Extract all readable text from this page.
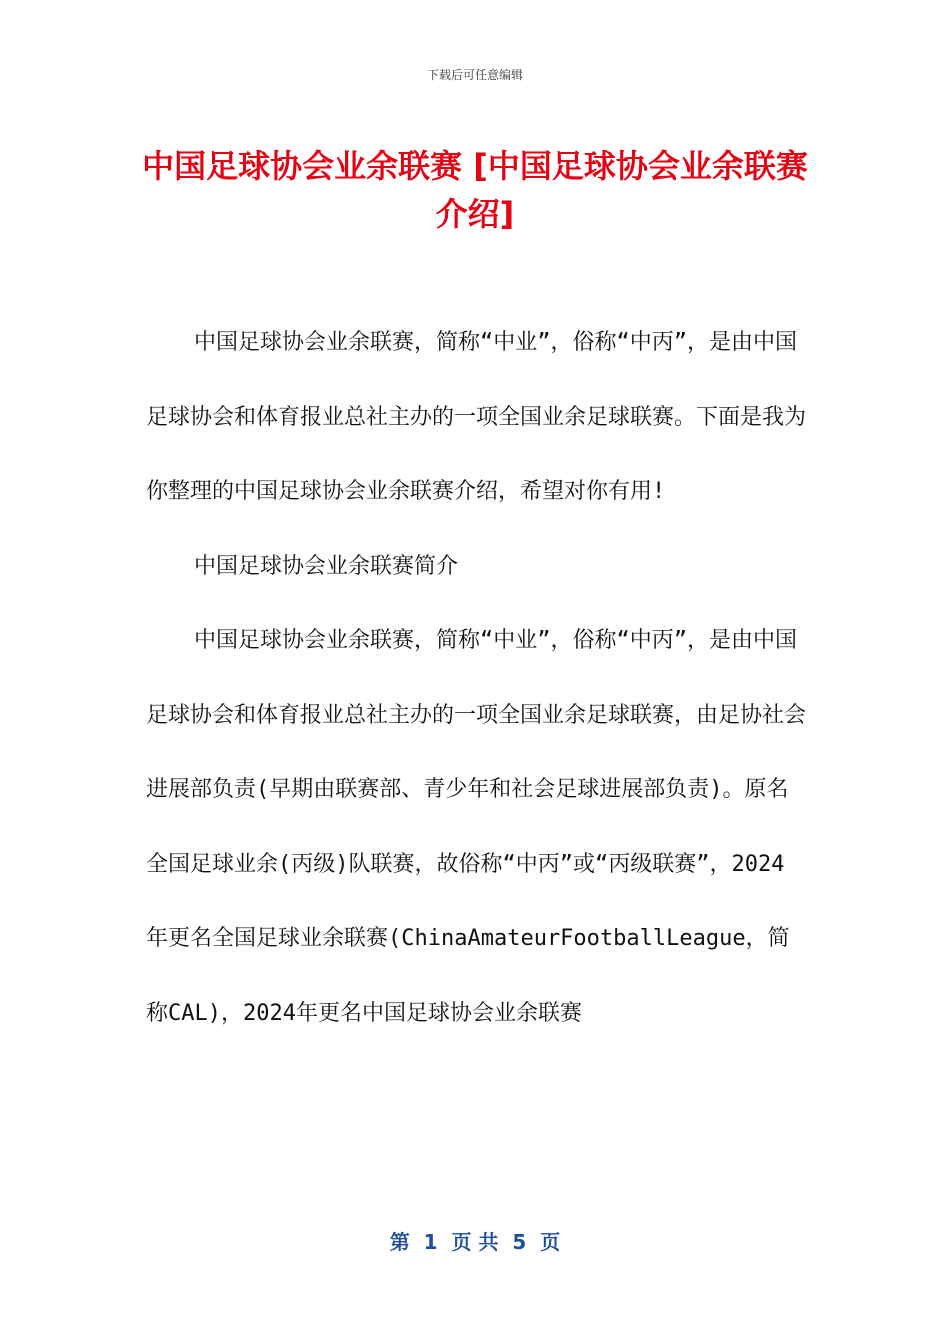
下载后可任意编辑
中国足球协会业余联赛 [中国足球协会业余联赛介绍]

中国足球协会业余联赛，简称“中业”，俗称“中丙”，是由中国足球协会和体育报业总社主办的一项全国业余足球联赛。下面是我为你整理的中国足球协会业余联赛介绍，希望对你有用!

中国足球协会业余联赛简介

中国足球协会业余联赛，简称“中业”，俗称“中丙”，是由中国足球协会和体育报业总社主办的一项全国业余足球联赛，由足协社会进展部负责(早期由联赛部、青少年和社会足球进展部负责)。原名全国足球业余(丙级)队联赛，故俗称“中丙”或“丙级联赛”，2024年更名全国足球业余联赛(ChinaAmateurFootballLeague，简称CAL)，2024年更名中国足球协会业余联赛

第  1  页 共  5  页
